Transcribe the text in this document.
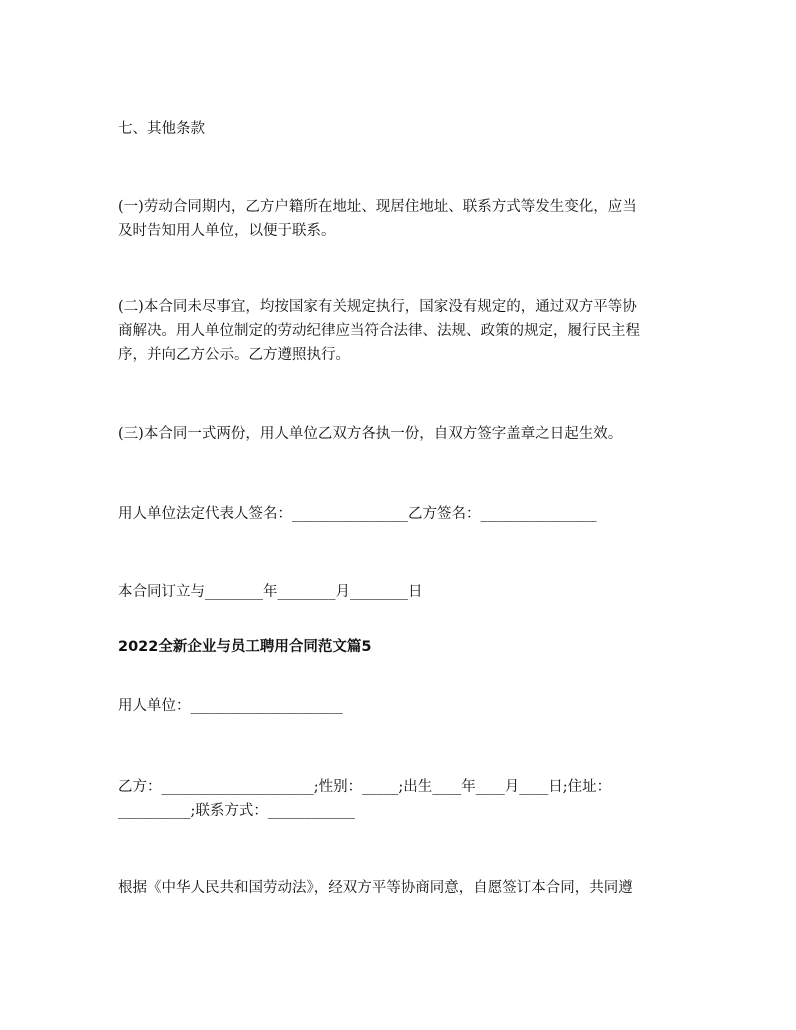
七、其他条款
(一)劳动合同期内，乙方户籍所在地址、现居住地址、联系方式等发生变化，应当
及时告知用人单位，以便于联系。
(二)本合同未尽事宜，均按国家有关规定执行，国家没有规定的，通过双方平等协
商解决。用人单位制定的劳动纪律应当符合法律、法规、政策的规定，履行民主程
序，并向乙方公示。乙方遵照执行。
(三)本合同一式两份，用人单位乙双方各执一份，自双方签字盖章之日起生效。
用人单位法定代表人签名：________________乙方签名：________________
本合同订立与________年________月________日
2022全新企业与员工聘用合同范文篇5
用人单位：_____________________
乙方：_____________________;性别：_____;出生____年____月____日;住址：
__________;联系方式：____________
根据《中华人民共和国劳动法》，经双方平等协商同意，自愿签订本合同，共同遵
